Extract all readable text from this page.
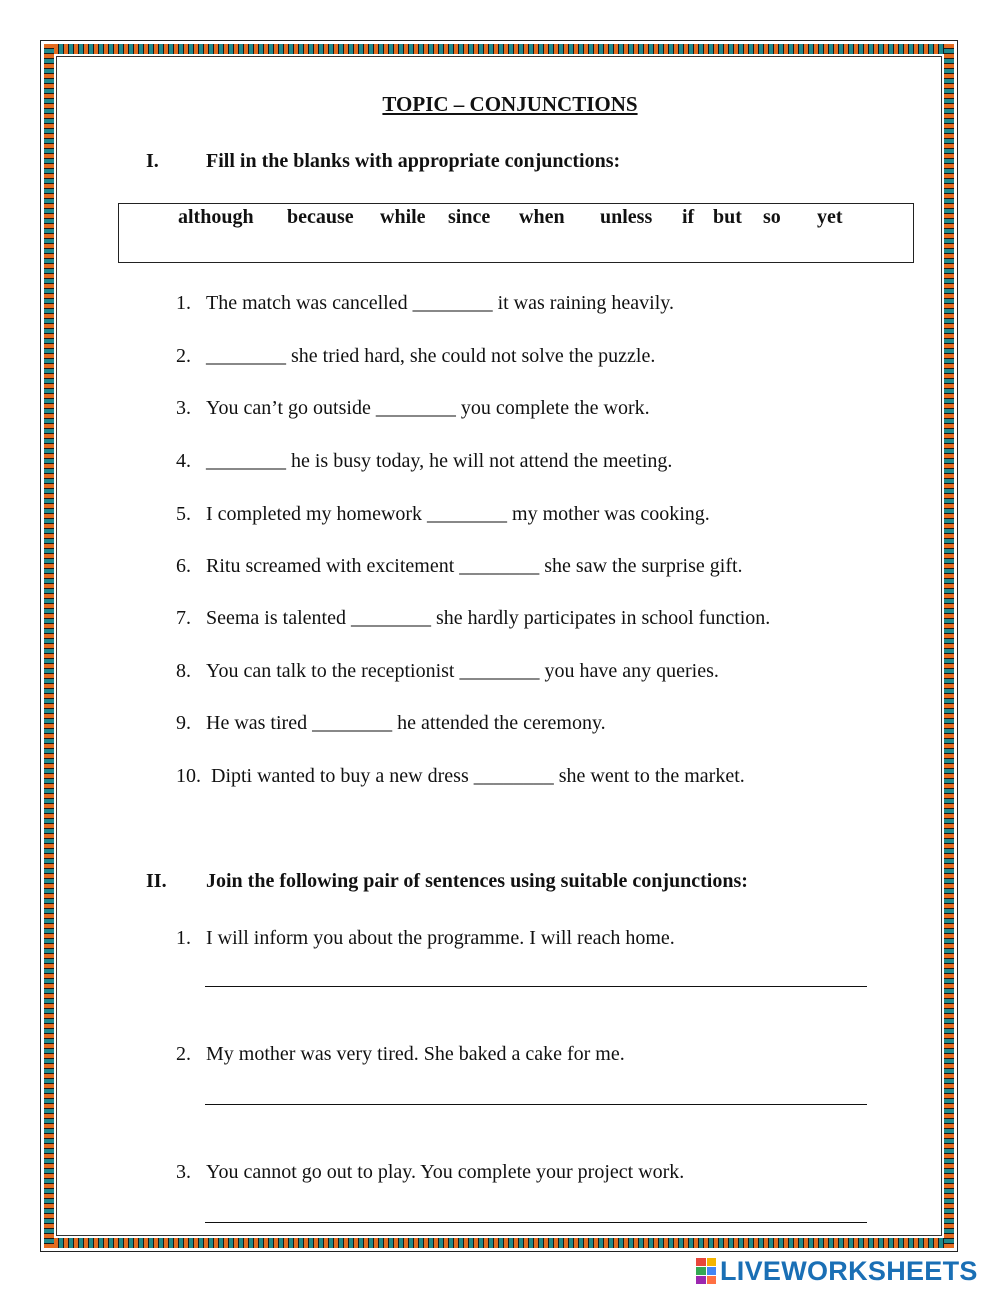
TOPIC – CONJUNCTIONS
I. Fill in the blanks with appropriate conjunctions:
although because while since when unless if but so yet
1. The match was cancelled ________ it was raining heavily.
2. ________ she tried hard, she could not solve the puzzle.
3. You can’t go outside ________ you complete the work.
4. ________ he is busy today, he will not attend the meeting.
5. I completed my homework ________ my mother was cooking.
6. Ritu screamed with excitement ________ she saw the surprise gift.
7. Seema is talented ________ she hardly participates in school function.
8. You can talk to the receptionist ________ you have any queries.
9. He was tired ________ he attended the ceremony.
10. Dipti wanted to buy a new dress ________ she went to the market.
II. Join the following pair of sentences using suitable conjunctions:
1. I will inform you about the programme. I will reach home.
2. My mother was very tired. She baked a cake for me.
3. You cannot go out to play. You complete your project work.
LIVEWORKSHEETS
